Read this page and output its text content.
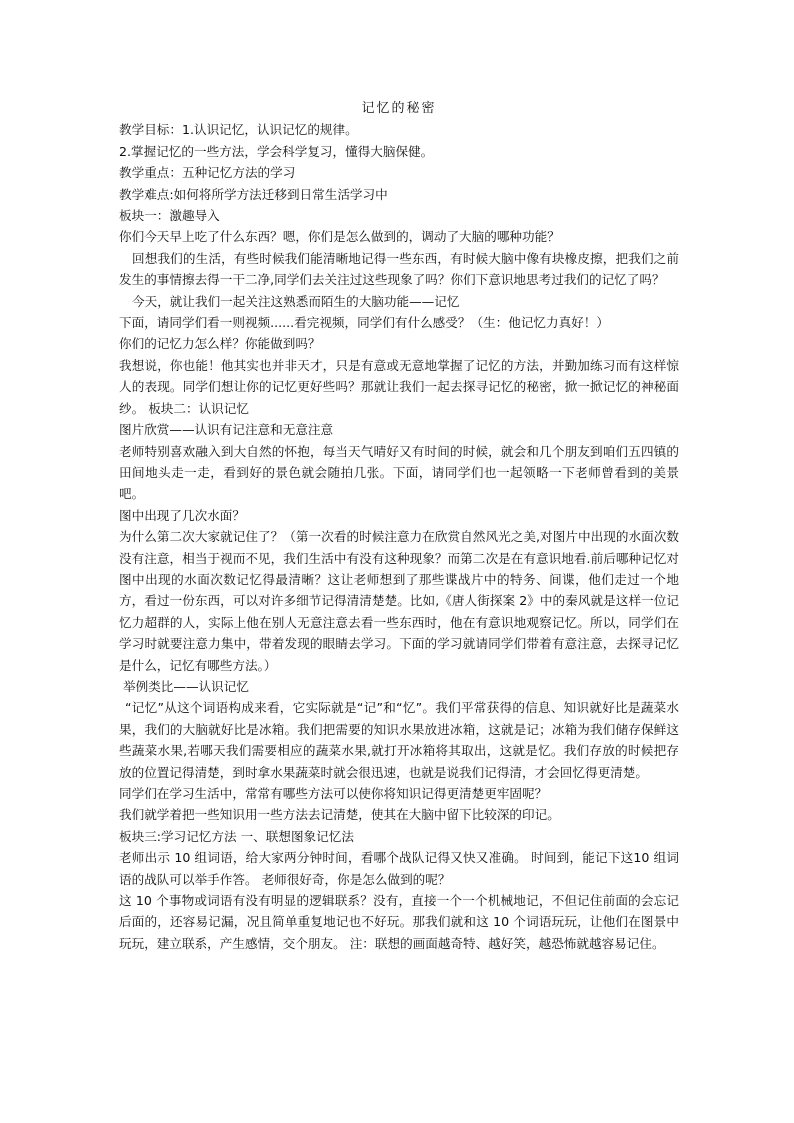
记忆的秘密

教学目标：1.认识记忆，认识记忆的规律。

2.掌握记忆的一些方法，学会科学复习，懂得大脑保健。

教学重点：五种记忆方法的学习

教学难点:如何将所学方法迁移到日常生活学习中

板块一：激趣导入

你们今天早上吃了什么东西？嗯，你们是怎么做到的，调动了大脑的哪种功能？

回想我们的生活，有些时候我们能清晰地记得一些东西，有时候大脑中像有块橡皮擦，把我们之前发生的事情擦去得一干二净,同学们去关注过这些现象了吗？你们下意识地思考过我们的记忆了吗？

今天，就让我们一起关注这熟悉而陌生的大脑功能——记忆

下面，请同学们看一则视频......看完视频，同学们有什么感受？（生：他记忆力真好！）

你们的记忆力怎么样？你能做到吗？

我想说，你也能！他其实也并非天才，只是有意或无意地掌握了记忆的方法，并勤加练习而有这样惊人的表现。同学们想让你的记忆更好些吗？那就让我们一起去探寻记忆的秘密，掀一掀记忆的神秘面纱。 板块二：认识记忆

图片欣赏——认识有记注意和无意注意

老师特别喜欢融入到大自然的怀抱，每当天气晴好又有时间的时候，就会和几个朋友到咱们五四镇的田间地头走一走，看到好的景色就会随拍几张。下面，请同学们也一起领略一下老师曾看到的美景吧。

图中出现了几次水面？

为什么第二次大家就记住了？（第一次看的时候注意力在欣赏自然风光之美,对图片中出现的水面次数没有注意，相当于视而不见，我们生活中有没有这种现象？而第二次是在有意识地看.前后哪种记忆对图中出现的水面次数记忆得最清晰？这让老师想到了那些谍战片中的特务、间谍，他们走过一个地方，看过一份东西，可以对许多细节记得清清楚楚。比如,《唐人街探案 2》中的秦风就是这样一位记忆力超群的人，实际上他在别人无意注意去看一些东西时，他在有意识地观察记忆。所以，同学们在学习时就要注意力集中，带着发现的眼睛去学习。下面的学习就请同学们带着有意注意，去探寻记忆是什么，记忆有哪些方法。）

举例类比——认识记忆

“记忆”从这个词语构成来看，它实际就是“记”和“忆”。我们平常获得的信息、知识就好比是蔬菜水果，我们的大脑就好比是冰箱。我们把需要的知识水果放进冰箱，这就是记；冰箱为我们储存保鲜这些蔬菜水果,若哪天我们需要相应的蔬菜水果,就打开冰箱将其取出，这就是忆。我们存放的时候把存放的位置记得清楚，到时拿水果蔬菜时就会很迅速，也就是说我们记得清，才会回忆得更清楚。

同学们在学习生活中，常常有哪些方法可以使你将知识记得更清楚更牢固呢？

我们就学着把一些知识用一些方法去记清楚，使其在大脑中留下比较深的印记。

板块三:学习记忆方法 一、联想图象记忆法

老师出示 10 组词语，给大家两分钟时间，看哪个战队记得又快又准确。 时间到，能记下这10 组词语的战队可以举手作答。 老师很好奇，你是怎么做到的呢？

这 10 个事物或词语有没有明显的逻辑联系？没有，直接一个一个机械地记，不但记住前面的会忘记后面的，还容易记漏，况且简单重复地记也不好玩。那我们就和这 10 个词语玩玩，让他们在图景中玩玩，建立联系，产生感情，交个朋友。 注：联想的画面越奇特、越好笑，越恐怖就越容易记住。
